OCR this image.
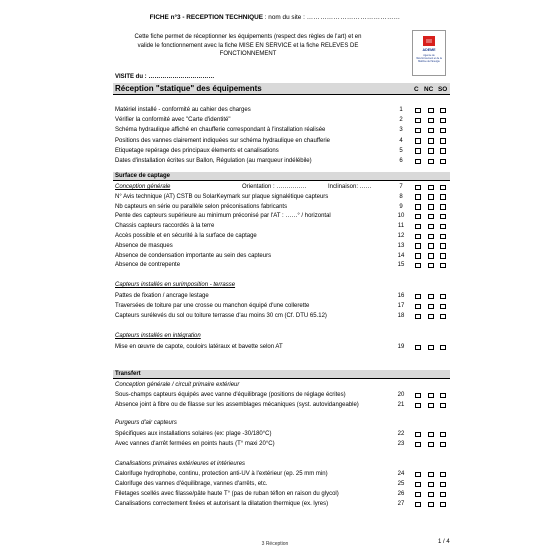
FICHE n°3 - RECEPTION TECHNIQUE : nom du site : ……………………………………
Cette fiche permet de réceptionner les équipements (respect des règles de l'art) et en
valide le fonctionnement avec la fiche MISE EN SERVICE et la fiche RELEVES DE
FONCTIONNEMENT
ADEME
Agence de l'Environnement et de la Maîtrise de l'Energie
VISITE du : ……………………………
Réception "statique" des équipements	C NC SO
Matériel installé - conformité au cahier des charges	1
Vérifier la conformité avec "Carte d'identité"	2
Schéma hydraulique affiché en chaufferie correspondant à l'installation réalisée	3
Positions des vannes clairement indiquées sur schéma hydraulique en chaufferie	4
Etiquetage repérage des principaux élements et canalisations	5
Dates d'installation écrites sur Ballon, Régulation (au marqueur indélébile)	6
Surface de captage
Conception générale	Orientation : ……………	Inclinaison: ……	7
N° Avis technique (AT) CSTB ou SolarKeymark sur plaque signalétique capteurs	8
Nb capteurs en série ou parallèle selon préconisations fabricants	9
Pente des capteurs supérieure au minimum préconisé par l'AT : ……° / horizontal	10
Chassis capteurs raccordés à la terre	11
Accès possible et en sécurité à la surface de captage	12
Absence de masques	13
Absence de condensation importante au sein des capteurs	14
Absence de contrepente	15
Capteurs installés en surimposition - terrasse
Pattes de fixation / ancrage lestage	16
Traversées de toiture par une crosse ou manchon équipé d'une collerette	17
Capteurs surélevés du sol ou toiture terrasse d'au moins 30 cm (Cf. DTU 65.12)	18
Capteurs installés en intégration
Mise en œuvre de capote, couloirs latéraux et bavette selon AT	19
Transfert
Conception générale / circuit primaire extérieur
Sous-champs capteurs équipés avec vanne d'équilibrage (positions de réglage écrites)	20
Absence joint à fibre ou de filasse sur les assemblages mécaniques (syst. autovidangeable)	21
Purgeurs d'air capteurs
Spécifiques aux installations solaires (ex: plage -30/180°C)	22
Avec vannes d'arrêt fermées en points hauts (T° maxi 20°C)	23
Canalisations primaires extérieures et intérieures
Calorifuge hydrophobe, continu, protection anti-UV à l'extérieur (ep. 25 mm min)	24
Calorifuge des vannes d'équilibrage, vannes d'arrêts, etc.	25
Filetages scellés avec filasse/pâte haute T° (pas de ruban téflon en raison du glycol)	26
Canalisations correctement fixées et autorisant la dilatation thermique (ex. lyres)	27
3 Réception	1 / 4
